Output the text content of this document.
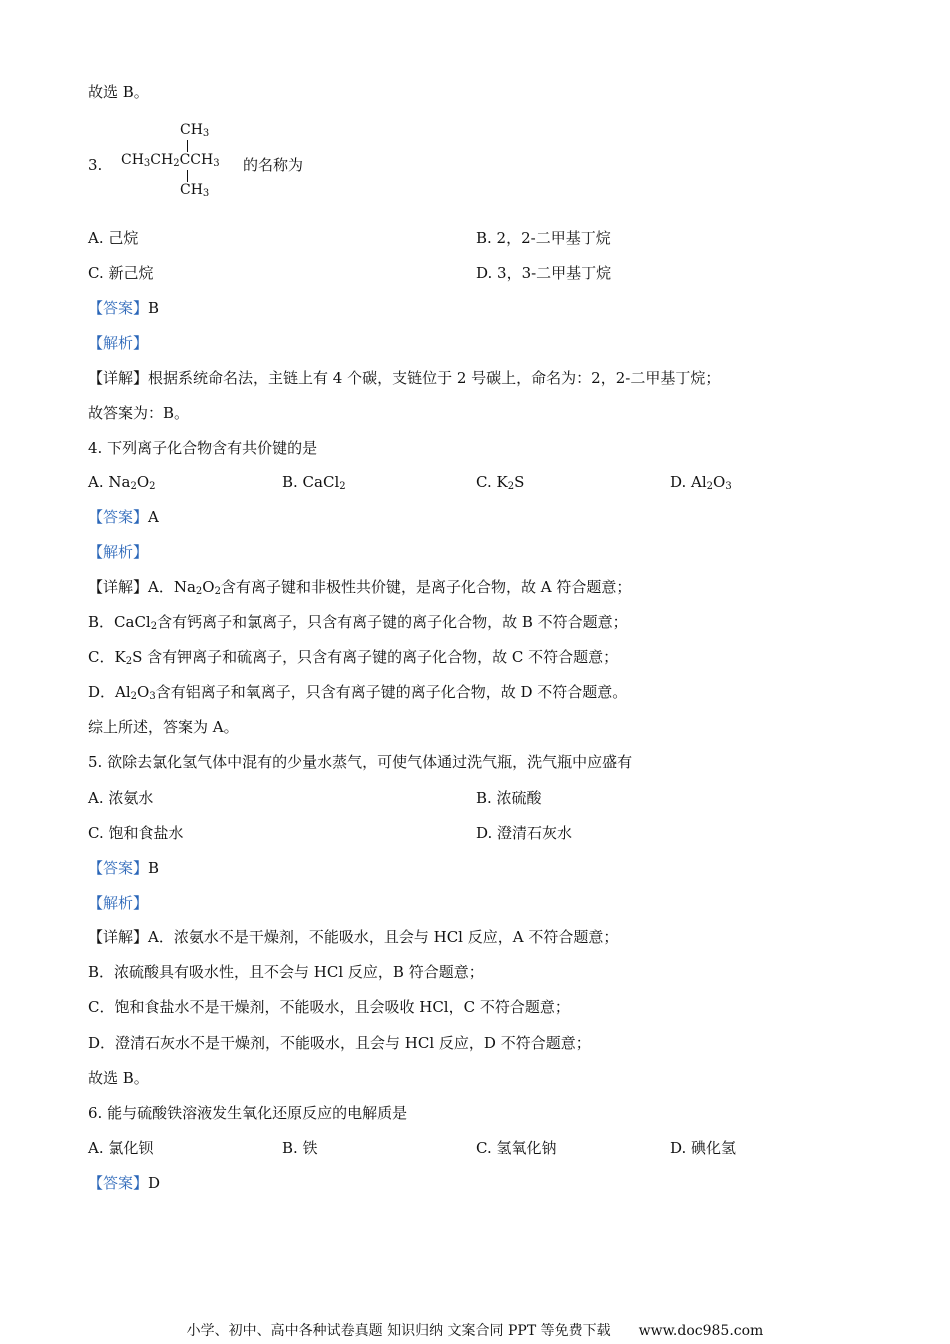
故选 B。
3.
$CH_3$
$CH_3CH_2CCH_3$
$CH_3$
的名称为
A. 己烷	B. 2，2-二甲基丁烷
C. 新己烷	D. 3，3-二甲基丁烷
【答案】B
【解析】
【详解】根据系统命名法，主链上有 4 个碳，支链位于 2 号碳上，命名为：2，2-二甲基丁烷；
故答案为：B。
4. 下列离子化合物含有共价键的是
A. $Na_2O_2$	B. CaCl$_2$	C. $K_2S$	D. $Al_2O_3$
【答案】A
【解析】
【详解】A．$Na_2O_2$含有离子键和非极性共价键，是离子化合物，故 A 符合题意；
B．CaCl$_2$含有钙离子和氯离子，只含有离子键的离子化合物，故 B 不符合题意；
C．$K_2S$ 含有钾离子和硫离子，只含有离子键的离子化合物，故 C 不符合题意；
D．$Al_2O_3$含有铝离子和氧离子，只含有离子键的离子化合物，故 D 不符合题意。
综上所述，答案为 A。
5. 欲除去氯化氢气体中混有的少量水蒸气，可使气体通过洗气瓶，洗气瓶中应盛有
A. 浓氨水	B. 浓硫酸
C. 饱和食盐水	D. 澄清石灰水
【答案】B
【解析】
【详解】A．浓氨水不是干燥剂，不能吸水，且会与 HCl 反应，A 不符合题意；
B．浓硫酸具有吸水性，且不会与 HCl 反应，B 符合题意；
C．饱和食盐水不是干燥剂，不能吸水，且会吸收 HCl，C 不符合题意；
D．澄清石灰水不是干燥剂，不能吸水，且会与 HCl 反应，D 不符合题意；
故选 B。
6. 能与硫酸铁溶液发生氧化还原反应的电解质是
A. 氯化钡	B. 铁	C. 氢氧化钠	D. 碘化氢
【答案】D
小学、初中、高中各种试卷真题 知识归纳 文案合同 PPT 等免费下载 www.doc985.com
